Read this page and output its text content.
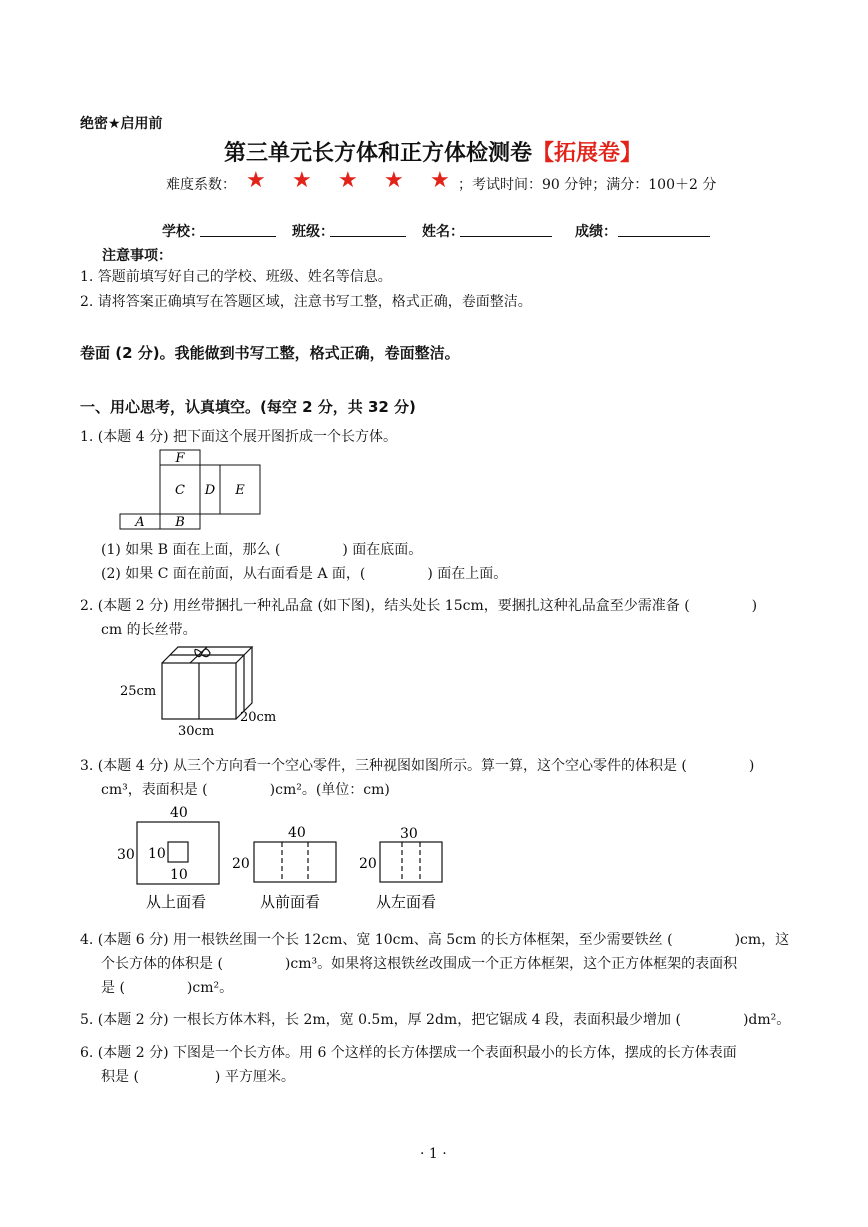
绝密★启用前
第三单元长方体和正方体检测卷【拓展卷】
难度系数： ★ ★ ★ ★ ★ ；考试时间：90 分钟；满分：100＋2 分
学校：	班级：	姓名：	成绩：
注意事项：
1. 答题前填写好自己的学校、班级、姓名等信息。
2. 请将答案正确填写在答题区域，注意书写工整，格式正确，卷面整洁。
卷面 (2 分)。我能做到书写工整，格式正确，卷面整洁。
一、用心思考，认真填空。(每空 2 分，共 32 分)
1. (本题 4 分) 把下面这个展开图折成一个长方体。
F
C D E
A B
(1) 如果 B 面在上面，那么 (	) 面在底面。
(2) 如果 C 面在前面，从右面看是 A 面，(	) 面在上面。
2. (本题 2 分) 用丝带捆扎一种礼品盒 (如下图)，结头处长 15cm，要捆扎这种礼品盒至少需准备 (	)
cm 的长丝带。
25cm
30cm
20cm
3. (本题 4 分) 从三个方向看一个空心零件，三种视图如图所示。算一算，这个空心零件的体积是 (	)
cm³，表面积是 (	)cm²。(单位：cm)
40
30 10
10
40
20
30
20
从上面看	从前面看	从左面看
4. (本题 6 分) 用一根铁丝围一个长 12cm、宽 10cm、高 5cm 的长方体框架，至少需要铁丝 (	)cm，这
个长方体的体积是 (	)cm³。如果将这根铁丝改围成一个正方体框架，这个正方体框架的表面积
是 (	)cm²。
5. (本题 2 分) 一根长方体木料，长 2m，宽 0.5m，厚 2dm，把它锯成 4 段，表面积最少增加 (	)dm²。
6. (本题 2 分) 下图是一个长方体。用 6 个这样的长方体摆成一个表面积最小的长方体，摆成的长方体表面
积是 (	) 平方厘米。
· 1 ·
